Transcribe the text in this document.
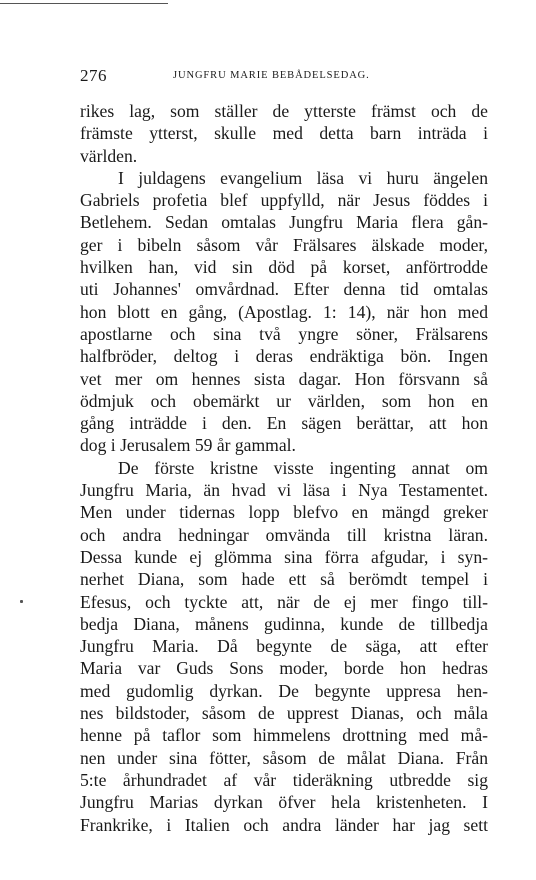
276	JUNGFRU MARIE BEBÅDELSEDAG.
rikes lag, som ställer de ytterste främst och de
främste ytterst, skulle med detta barn inträda i
världen.
I juldagens evangelium läsa vi huru ängelen
Gabriels profetia blef uppfylld, när Jesus föddes i
Betlehem. Sedan omtalas Jungfru Maria flera gån-
ger i bibeln såsom vår Frälsares älskade moder,
hvilken han, vid sin död på korset, anförtrodde
uti Johannes' omvårdnad. Efter denna tid omtalas
hon blott en gång, (Apostlag. 1: 14), när hon med
apostlarne och sina två yngre söner, Frälsarens
halfbröder, deltog i deras endräktiga bön. Ingen
vet mer om hennes sista dagar. Hon försvann så
ödmjuk och obemärkt ur världen, som hon en
gång inträdde i den. En sägen berättar, att hon
dog i Jerusalem 59 år gammal.
De förste kristne visste ingenting annat om
Jungfru Maria, än hvad vi läsa i Nya Testamentet.
Men under tidernas lopp blefvo en mängd greker
och andra hedningar omvända till kristna läran.
Dessa kunde ej glömma sina förra afgudar, i syn-
nerhet Diana, som hade ett så berömdt tempel i
Efesus, och tyckte att, när de ej mer fingo till-
bedja Diana, månens gudinna, kunde de tillbedja
Jungfru Maria. Då begynte de säga, att efter
Maria var Guds Sons moder, borde hon hedras
med gudomlig dyrkan. De begynte uppresa hen-
nes bildstoder, såsom de upprest Dianas, och måla
henne på taflor som himmelens drottning med må-
nen under sina fötter, såsom de målat Diana. Från
5:te århundradet af vår tideräkning utbredde sig
Jungfru Marias dyrkan öfver hela kristenheten. I
Frankrike, i Italien och andra länder har jag sett
